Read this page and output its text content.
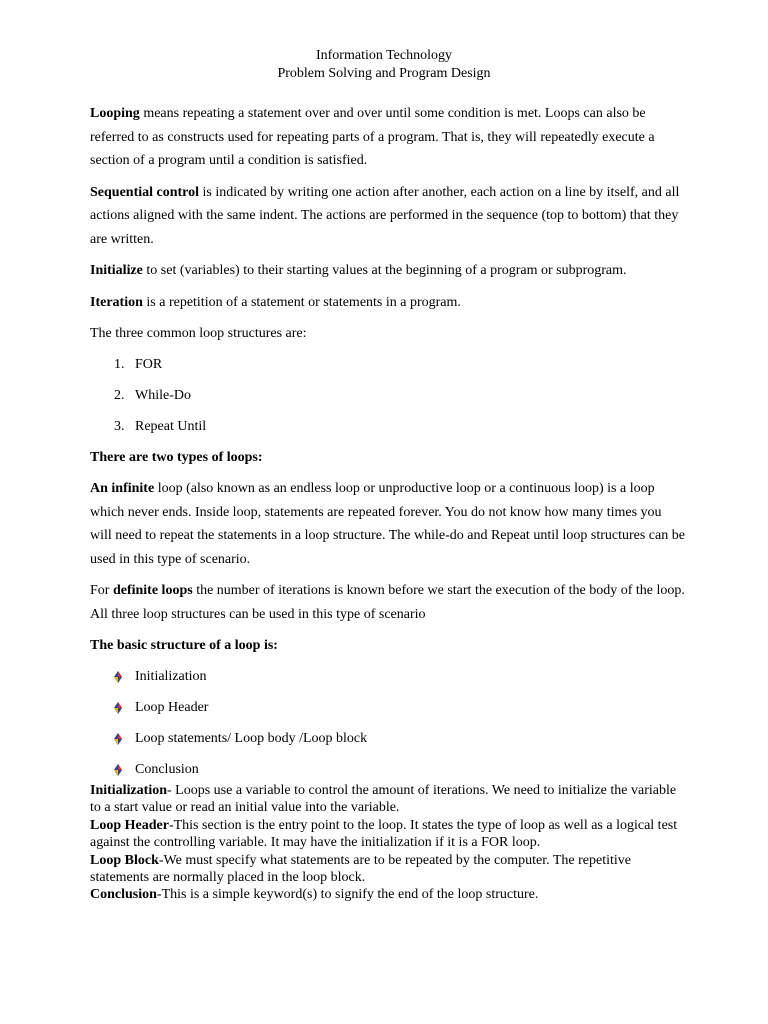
Information Technology
Problem Solving and Program Design

Looping means repeating a statement over and over until some condition is met. Loops can also be referred to as constructs used for repeating parts of a program. That is, they will repeatedly execute a section of a program until a condition is satisfied.

Sequential control is indicated by writing one action after another, each action on a line by itself, and all actions aligned with the same indent. The actions are performed in the sequence (top to bottom) that they are written.

Initialize to set (variables) to their starting values at the beginning of a program or subprogram.

Iteration is a repetition of a statement or statements in a program.

The three common loop structures are:

1. FOR
2. While-Do
3. Repeat Until

There are two types of loops:

An infinite loop (also known as an endless loop or unproductive loop or a continuous loop) is a loop which never ends. Inside loop, statements are repeated forever. You do not know how many times you will need to repeat the statements in a loop structure. The while-do and Repeat until loop structures can be used in this type of scenario.

For definite loops the number of iterations is known before we start the execution of the body of the loop. All three loop structures can be used in this type of scenario

The basic structure of a loop is:

Initialization
Loop Header
Loop statements/ Loop body /Loop block
Conclusion

Initialization- Loops use a variable to control the amount of iterations. We need to initialize the variable to a start value or read an initial value into the variable.

Loop Header-This section is the entry point to the loop. It states the type of loop as well as a logical test against the controlling variable. It may have the initialization if it is a FOR loop.

Loop Block-We must specify what statements are to be repeated by the computer. The repetitive statements are normally placed in the loop block.

Conclusion-This is a simple keyword(s) to signify the end of the loop structure.
